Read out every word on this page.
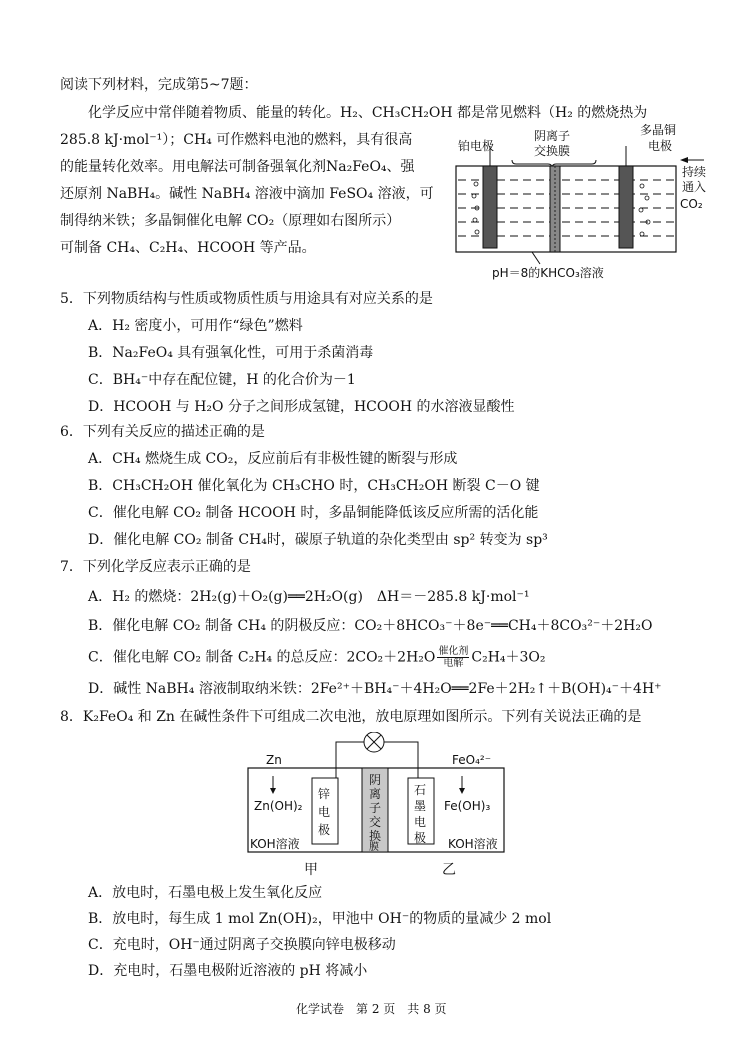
阅读下列材料，完成第5~7题：
化学反应中常伴随着物质、能量的转化。H₂、CH₃CH₂OH 都是常见燃料（H₂ 的燃烧热为
285.8 kJ·mol⁻¹）；CH₄ 可作燃料电池的燃料，具有很高
的能量转化效率。用电解法可制备强氧化剂Na₂FeO₄、强
还原剂 NaBH₄。碱性 NaBH₄ 溶液中滴加 FeSO₄ 溶液，可
制得纳米铁；多晶铜催化电解 CO₂（原理如右图所示）
可制备 CH₄、C₂H₄、HCOOH 等产品。
铂电极
阴离子
交换膜
多晶铜
电极
持续
通入
CO₂
pH＝8的KHCO₃溶液
5．下列物质结构与性质或物质性质与用途具有对应关系的是
A．H₂ 密度小，可用作“绿色”燃料
B．Na₂FeO₄ 具有强氧化性，可用于杀菌消毒
C．BH₄⁻中存在配位键，H 的化合价为－1
D．HCOOH 与 H₂O 分子之间形成氢键，HCOOH 的水溶液显酸性
6．下列有关反应的描述正确的是
A．CH₄ 燃烧生成 CO₂，反应前后有非极性键的断裂与形成
B．CH₃CH₂OH 催化氧化为 CH₃CHO 时，CH₃CH₂OH 断裂 C－O 键
C．催化电解 CO₂ 制备 HCOOH 时，多晶铜能降低该反应所需的活化能
D．催化电解 CO₂ 制备 CH₄时，碳原子轨道的杂化类型由 sp² 转变为 sp³
7．下列化学反应表示正确的是
A．H₂ 的燃烧：2H₂(g)＋O₂(g)══2H₂O(g)　ΔH＝－285.8 kJ·mol⁻¹
B．催化电解 CO₂ 制备 CH₄ 的阴极反应：CO₂＋8HCO₃⁻＋8e⁻══CH₄＋8CO₃²⁻＋2H₂O
C．催化电解 CO₂ 制备 C₂H₄ 的总反应：$2CO_2+2H_2O \frac{\text{催化剂}}{\text{电解}} C_2H_4+3O_2$
D．碱性 NaBH₄ 溶液制取纳米铁：2Fe²⁺＋BH₄⁻＋4H₂O══2Fe＋2H₂↑＋B(OH)₄⁻＋4H⁺
8．K₂FeO₄ 和 Zn 在碱性条件下可组成二次电池，放电原理如图所示。下列有关说法正确的是
Zn
Zn(OH)₂
FeO₄²⁻
Fe(OH)₃
锌
电
极
石
墨
电
极
阴
离
子
交
换
膜
KOH溶液	KOH溶液
甲	乙
A．放电时，石墨电极上发生氧化反应
B．放电时，每生成 1 mol Zn(OH)₂，甲池中 OH⁻的物质的量减少 2 mol
C．充电时，OH⁻通过阴离子交换膜向锌电极移动
D．充电时，石墨电极附近溶液的 pH 将减小
化学试卷　第 2 页　共 8 页
